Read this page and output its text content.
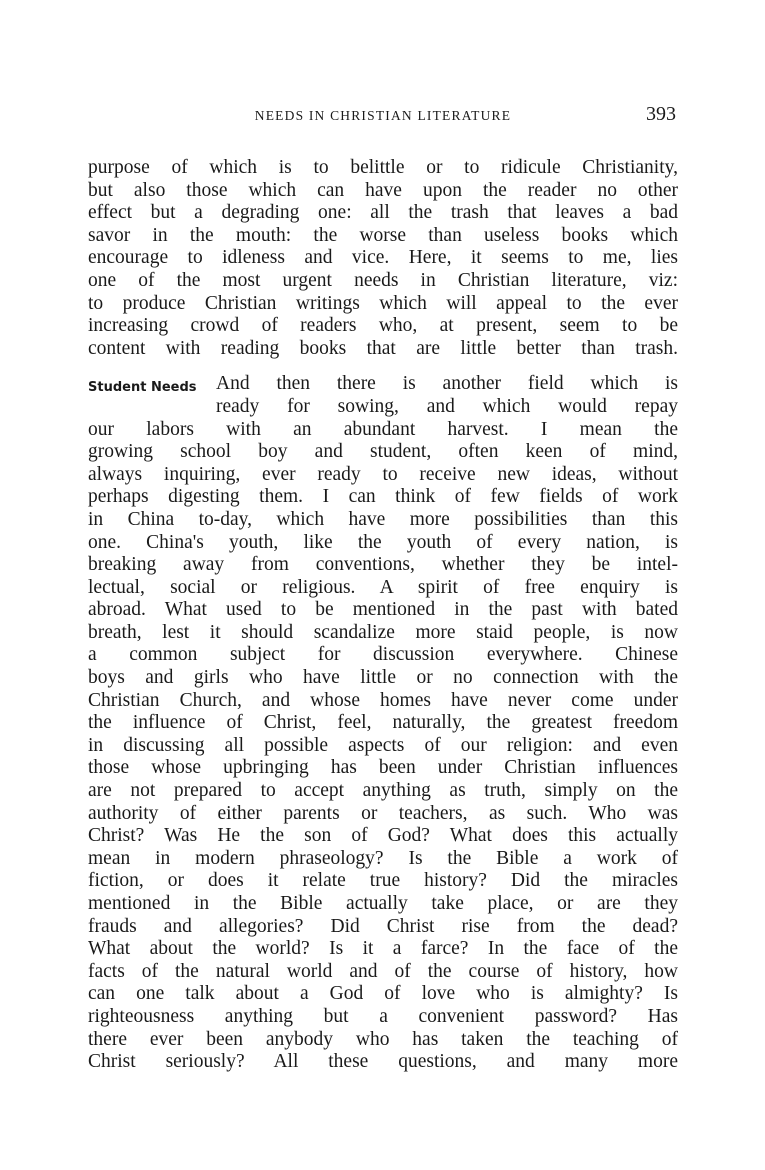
NEEDS IN CHRISTIAN LITERATURE	393
purpose of which is to belittle or to ridicule Christianity,
but also those which can have upon the reader no other
effect but a degrading one: all the trash that leaves a bad
savor in the mouth: the worse than useless books which
encourage to idleness and vice. Here, it seems to me, lies
one of the most urgent needs in Christian literature, viz:
to produce Christian writings which will appeal to the ever
increasing crowd of readers who, at present, seem to be
content with reading books that are little better than trash.
Student Needs And then there is another field which is
ready for sowing, and which would repay
our labors with an abundant harvest. I mean the
growing school boy and student, often keen of mind,
always inquiring, ever ready to receive new ideas, without
perhaps digesting them. I can think of few fields of work
in China to-day, which have more possibilities than this
one. China's youth, like the youth of every nation, is
breaking away from conventions, whether they be intel-
lectual, social or religious. A spirit of free enquiry is
abroad. What used to be mentioned in the past with bated
breath, lest it should scandalize more staid people, is now
a common subject for discussion everywhere. Chinese
boys and girls who have little or no connection with the
Christian Church, and whose homes have never come under
the influence of Christ, feel, naturally, the greatest freedom
in discussing all possible aspects of our religion: and even
those whose upbringing has been under Christian influences
are not prepared to accept anything as truth, simply on the
authority of either parents or teachers, as such. Who was
Christ? Was He the son of God? What does this actually
mean in modern phraseology? Is the Bible a work of
fiction, or does it relate true history? Did the miracles
mentioned in the Bible actually take place, or are they
frauds and allegories? Did Christ rise from the dead?
What about the world? Is it a farce? In the face of the
facts of the natural world and of the course of history, how
can one talk about a God of love who is almighty? Is
righteousness anything but a convenient password? Has
there ever been anybody who has taken the teaching of
Christ seriously? All these questions, and many more
